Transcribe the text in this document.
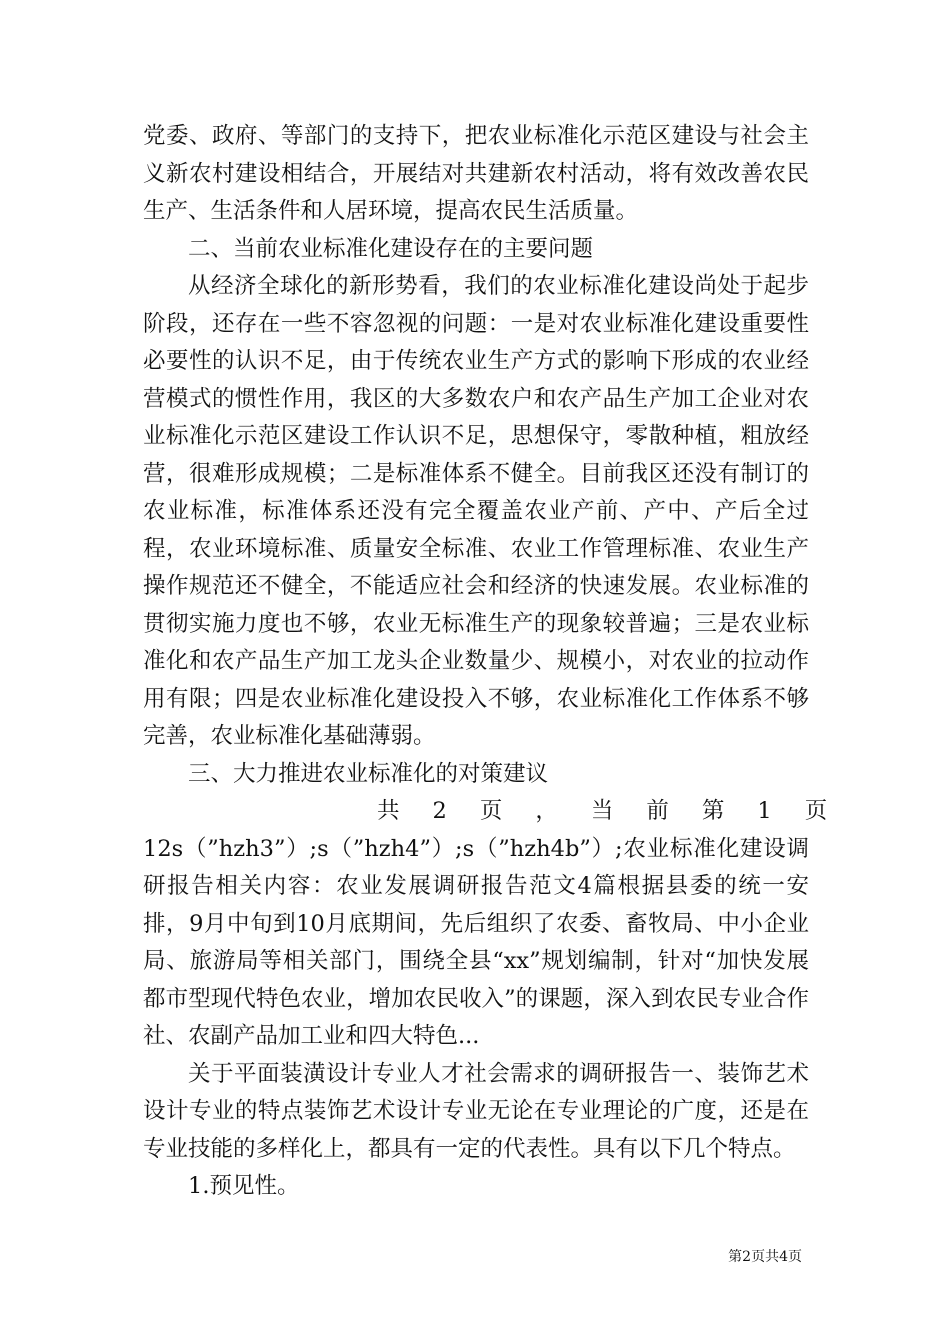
党委、政府、等部门的支持下，把农业标准化示范区建设与社会主义新农村建设相结合，开展结对共建新农村活动，将有效改善农民生产、生活条件和人居环境，提高农民生活质量。

二、当前农业标准化建设存在的主要问题

从经济全球化的新形势看，我们的农业标准化建设尚处于起步阶段，还存在一些不容忽视的问题：一是对农业标准化建设重要性必要性的认识不足，由于传统农业生产方式的影响下形成的农业经营模式的惯性作用，我区的大多数农户和农产品生产加工企业对农业标准化示范区建设工作认识不足，思想保守，零散种植，粗放经营，很难形成规模；二是标准体系不健全。目前我区还没有制订的农业标准，标准体系还没有完全覆盖农业产前、产中、产后全过程，农业环境标准、质量安全标准、农业工作管理标准、农业生产操作规范还不健全，不能适应社会和经济的快速发展。农业标准的贯彻实施力度也不够，农业无标准生产的现象较普遍；三是农业标准化和农产品生产加工龙头企业数量少、规模小，对农业的拉动作用有限；四是农业标准化建设投入不够，农业标准化工作体系不够完善，农业标准化基础薄弱。

三、大力推进农业标准化的对策建议

共 2 页 ， 当 前 第 1 页

12s（”hzh3”）;s（”hzh4”）;s（”hzh4b”）;农业标准化建设调研报告相关内容：农业发展调研报告范文4篇根据县委的统一安排，9月中旬到10月底期间，先后组织了农委、畜牧局、中小企业局、旅游局等相关部门，围绕全县“xx”规划编制，针对“加快发展都市型现代特色农业，增加农民收入”的课题，深入到农民专业合作社、农副产品加工业和四大特色...

关于平面装潢设计专业人才社会需求的调研报告一、装饰艺术设计专业的特点装饰艺术设计专业无论在专业理论的广度，还是在专业技能的多样化上，都具有一定的代表性。具有以下几个特点。

1.预见性。

第2页共4页
